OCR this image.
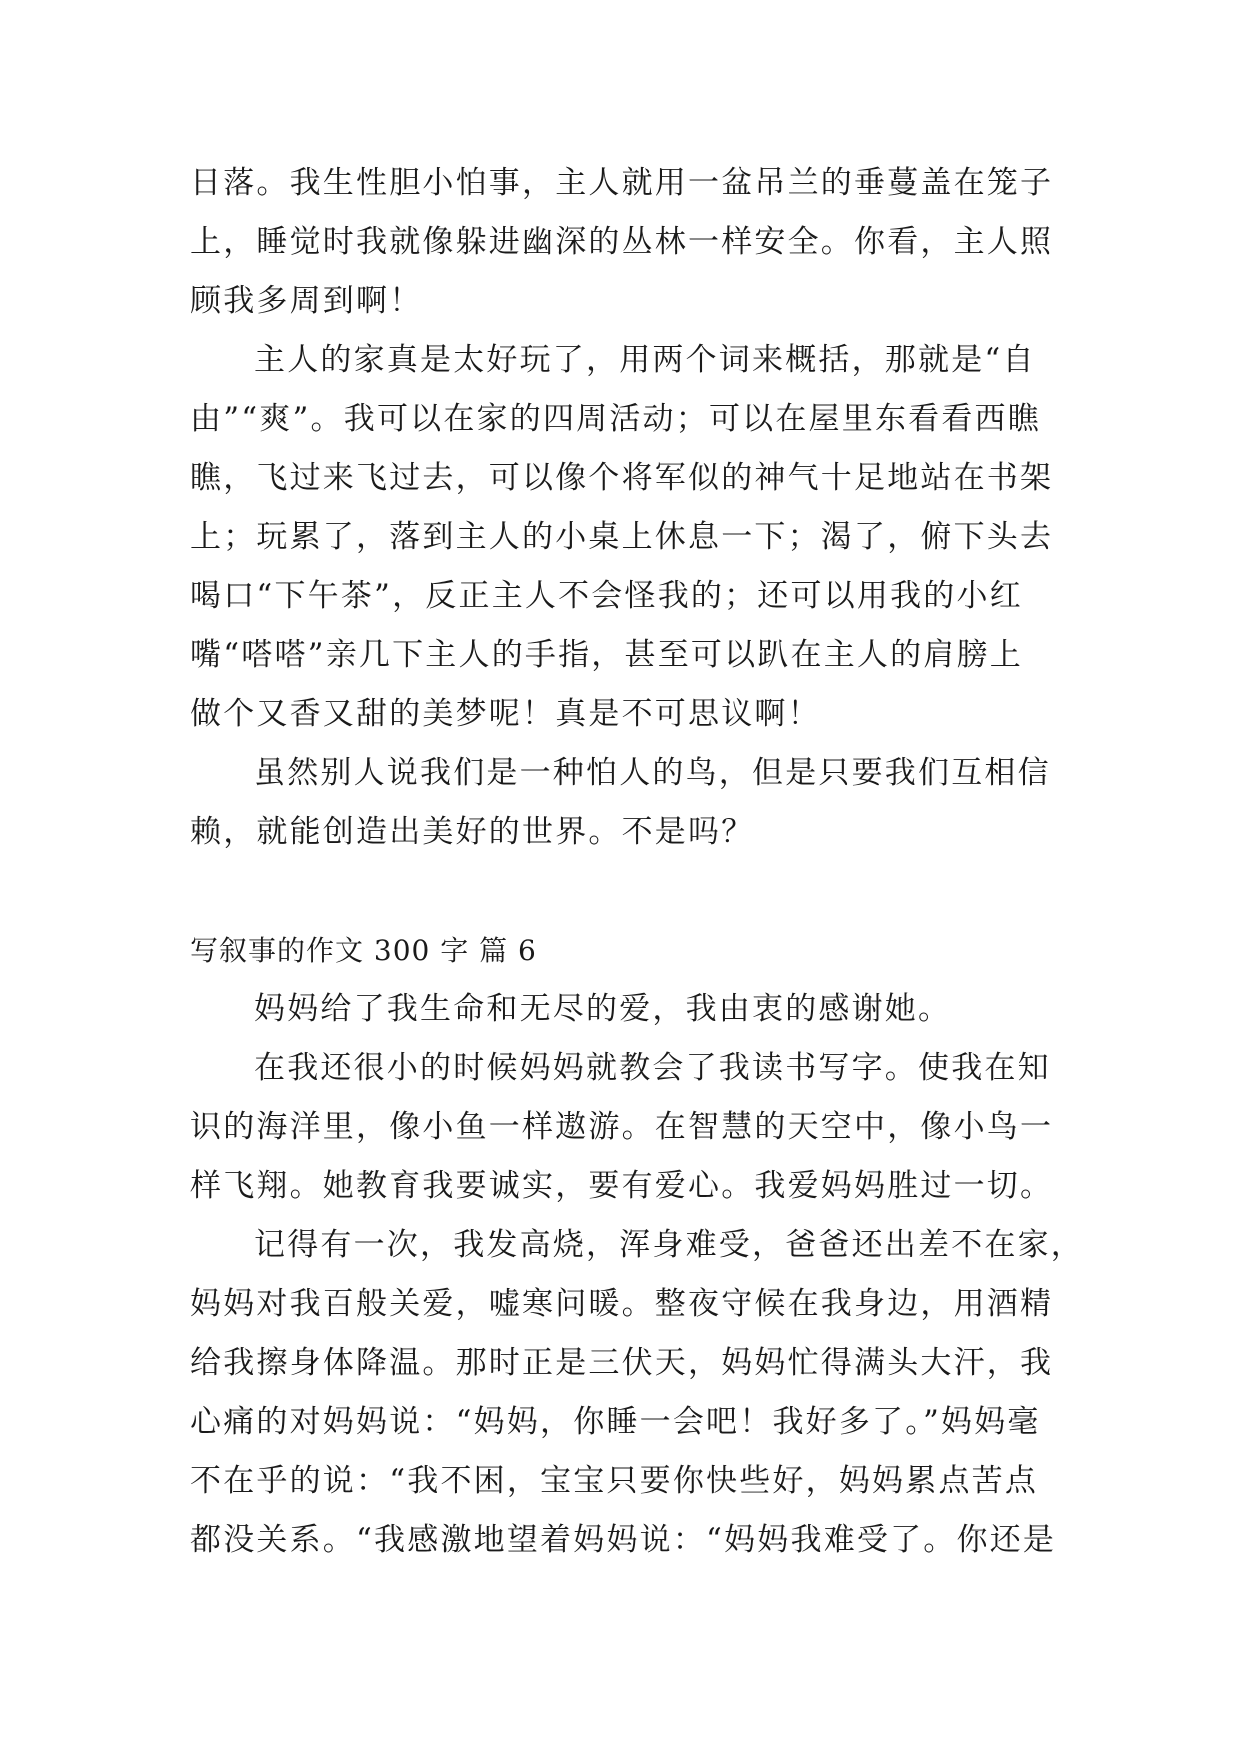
日落。我生性胆小怕事，主人就用一盆吊兰的垂蔓盖在笼子
上，睡觉时我就像躲进幽深的丛林一样安全。你看，主人照
顾我多周到啊！
主人的家真是太好玩了，用两个词来概括，那就是“自
由”“爽”。我可以在家的四周活动；可以在屋里东看看西瞧
瞧，飞过来飞过去，可以像个将军似的神气十足地站在书架
上；玩累了，落到主人的小桌上休息一下；渴了，俯下头去
喝口“下午茶”，反正主人不会怪我的；还可以用我的小红
嘴“嗒嗒”亲几下主人的手指，甚至可以趴在主人的肩膀上
做个又香又甜的美梦呢！真是不可思议啊！
虽然别人说我们是一种怕人的鸟，但是只要我们互相信
赖，就能创造出美好的世界。不是吗？
写叙事的作文 300 字 篇 6
妈妈给了我生命和无尽的爱，我由衷的感谢她。
在我还很小的时候妈妈就教会了我读书写字。使我在知
识的海洋里，像小鱼一样遨游。在智慧的天空中，像小鸟一
样飞翔。她教育我要诚实，要有爱心。我爱妈妈胜过一切。
记得有一次，我发高烧，浑身难受，爸爸还出差不在家，
妈妈对我百般关爱，嘘寒问暖。整夜守候在我身边，用酒精
给我擦身体降温。那时正是三伏天，妈妈忙得满头大汗，我
心痛的对妈妈说：“妈妈，你睡一会吧！我好多了。”妈妈毫
不在乎的说：“我不困，宝宝只要你快些好，妈妈累点苦点
都没关系。“我感激地望着妈妈说：“妈妈我难受了。你还是
